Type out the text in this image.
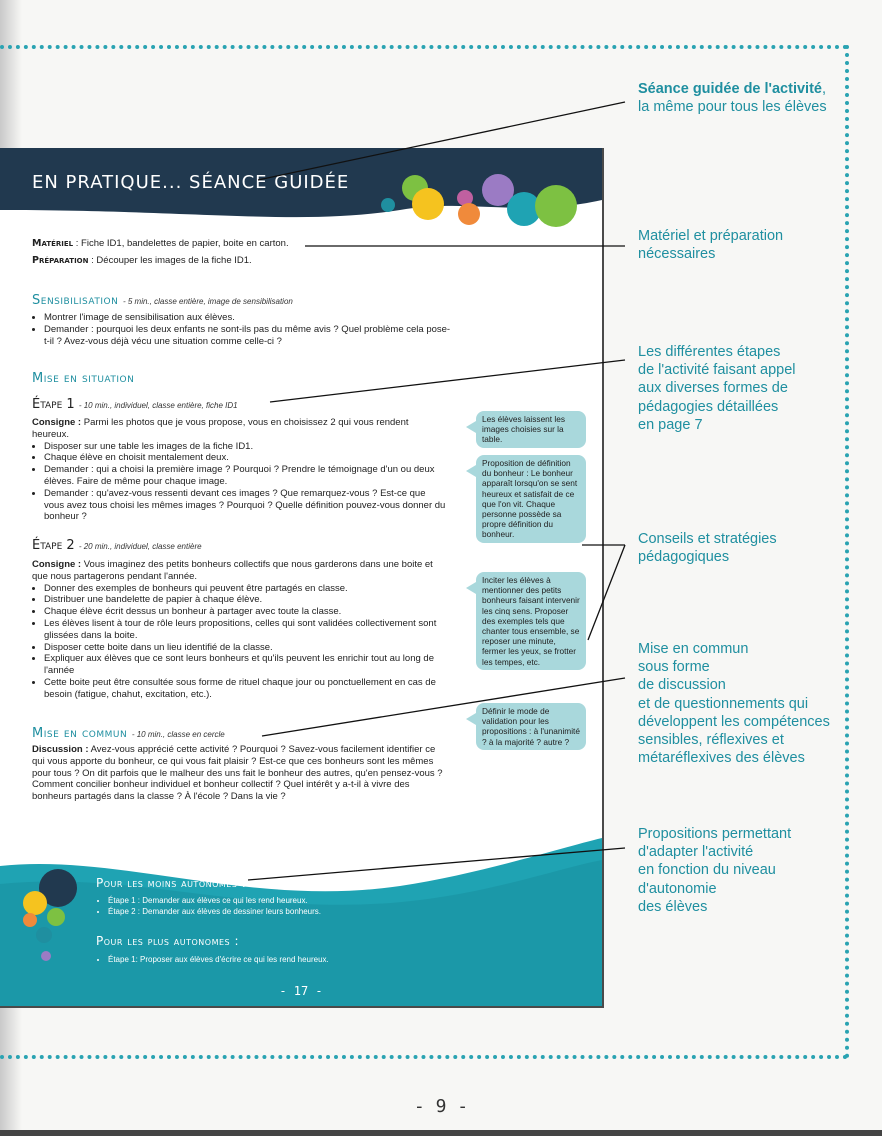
EN PRATIQUE... SÉANCE GUIDÉE
Matériel : Fiche ID1, bandelettes de papier, boite en carton.
Préparation : Découper les images de la fiche ID1.
Sensibilisation - 5 min., classe entière, image de sensibilisation
• Montrer l'image de sensibilisation aux élèves.
• Demander : pourquoi les deux enfants ne sont-ils pas du même avis ? Quel problème cela pose-t-il ? Avez-vous déjà vécu une situation comme celle-ci ?
Mise en situation
Étape 1 - 10 min., individuel, classe entière, fiche ID1
Consigne : Parmi les photos que je vous propose, vous en choisissez 2 qui vous rendent heureux.
• Disposer sur une table les images de la fiche ID1.
• Chaque élève en choisit mentalement deux.
• Demander : qui a choisi la première image ? Pourquoi ? Prendre le témoignage d'un ou deux élèves. Faire de même pour chaque image.
• Demander : qu'avez-vous ressenti devant ces images ? Que remarquez-vous ? Est-ce que vous avez tous choisi les mêmes images ? Pourquoi ? Quelle définition pouvez-vous donner du bonheur ?
Étape 2 - 20 min., individuel, classe entière
Consigne : Vous imaginez des petits bonheurs collectifs que nous garderons dans une boite et que nous partagerons pendant l'année.
• Donner des exemples de bonheurs qui peuvent être partagés en classe.
• Distribuer une bandelette de papier à chaque élève.
• Chaque élève écrit dessus un bonheur à partager avec toute la classe.
• Les élèves lisent à tour de rôle leurs propositions, celles qui sont validées collectivement sont glissées dans la boite.
• Disposer cette boite dans un lieu identifié de la classe.
• Expliquer aux élèves que ce sont leurs bonheurs et qu'ils peuvent les enrichir tout au long de l'année
• Cette boite peut être consultée sous forme de rituel chaque jour ou ponctuellement en cas de besoin (fatigue, chahut, excitation, etc.).
Mise en commun - 10 min., classe en cercle
Discussion : Avez-vous apprécié cette activité ? Pourquoi ? Savez-vous facilement identifier ce qui vous apporte du bonheur, ce qui vous fait plaisir ? Est-ce que ces bonheurs sont les mêmes pour tous ? On dit parfois que le malheur des uns fait le bonheur des autres, qu'en pensez-vous ? Comment concilier bonheur individuel et bonheur collectif ? Quel intérêt y a-t-il à vivre des bonheurs partagés dans la classe ? À l'école ? Dans la vie ?
Les élèves laissent les images choisies sur la table.
Proposition de définition du bonheur : Le bonheur apparaît lorsqu'on se sent heureux et satisfait de ce que l'on vit. Chaque personne possède sa propre définition du bonheur.
Inciter les élèves à mentionner des petits bonheurs faisant intervenir les cinq sens. Proposer des exemples tels que chanter tous ensemble, se reposer une minute, fermer les yeux, se frotter les tempes, etc.
Définir le mode de validation pour les propositions : à l'unanimité ? à la majorité ? autre ?
Pour les moins autonomes :
• Étape 1 : Demander aux élèves ce qui les rend heureux.
• Étape 2 : Demander aux élèves de dessiner leurs bonheurs.
Pour les plus autonomes :
• Étape 1: Proposer aux élèves d'écrire ce qui les rend heureux.
- 17 -
Séance guidée de l'activité,
la même pour tous les élèves
Matériel et préparation
nécessaires
Les différentes étapes
de l'activité faisant appel
aux diverses formes de
pédagogies détaillées
en page 7
Conseils et stratégies
pédagogiques
Mise en commun
sous forme
de discussion
et de questionnements qui
développent les compétences
sensibles, réflexives et
métaréflexives des élèves
Propositions permettant
d'adapter l'activité
en fonction du niveau
d'autonomie
des élèves
- 9 -
